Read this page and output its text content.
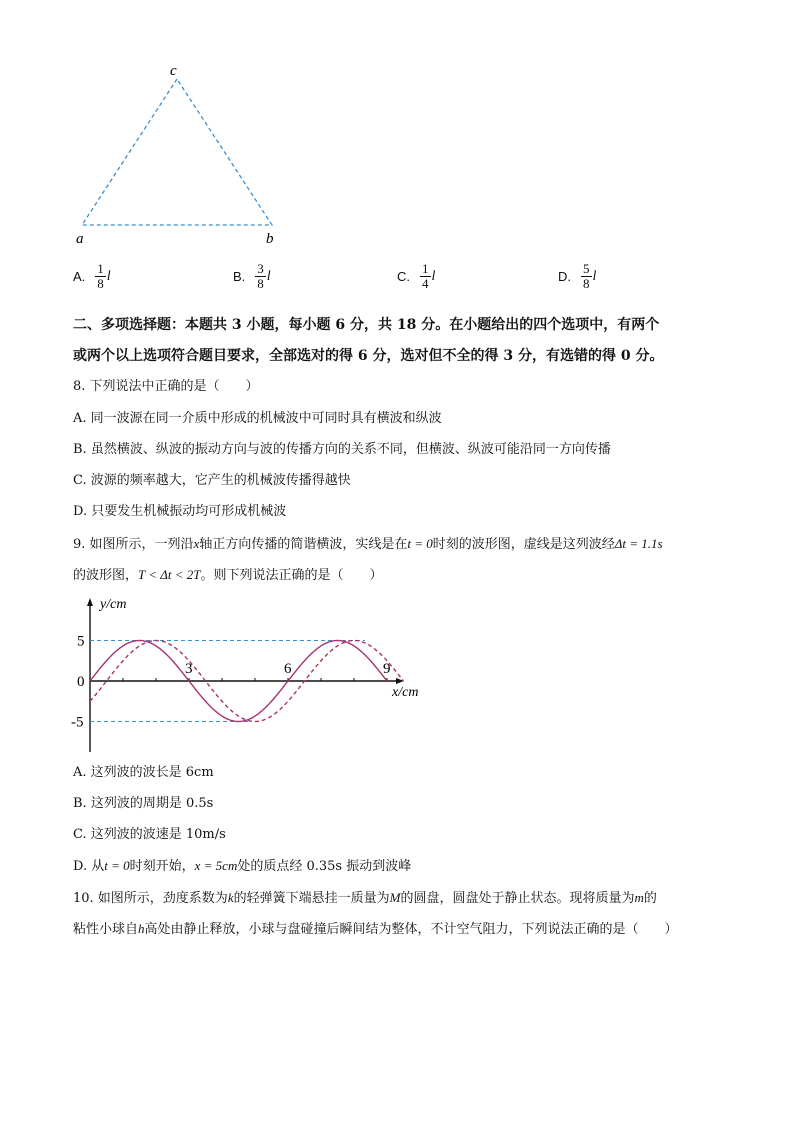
c
a	b
A. $\frac{1}{8}$ l	B. $\frac{3}{8}$ l	C. $\frac{1}{4}$ l	D. $\frac{5}{8}$ l
二、多项选择题：本题共 3 小题，每小题 6 分，共 18 分。在小题给出的四个选项中，有两个
或两个以上选项符合题目要求，全部选对的得 6 分，选对但不全的得 3 分，有选错的得 0 分。
8. 下列说法中正确的是（　　）
A. 同一波源在同一介质中形成的机械波中可同时具有横波和纵波
B. 虽然横波、纵波的振动方向与波的传播方向的关系不同，但横波、纵波可能沿同一方向传播
C. 波源的频率越大，它产生的机械波传播得越快
D. 只要发生机械振动均可形成机械波
9. 如图所示，一列沿x轴正方向传播的简谐横波，实线是在t = 0时刻的波形图，虚线是这列波经Δt = 1.1s
的波形图，T < Δt < 2T。则下列说法正确的是（　　）
3	6	9
5
0
-5
y/cm
x/cm
A. 这列波的波长是 6cm
B. 这列波的周期是 0.5s
C. 这列波的波速是 10m/s
D. 从t = 0时刻开始，x = 5cm处的质点经 0.35s 振动到波峰
10. 如图所示，劲度系数为k的轻弹簧下端悬挂一质量为M的圆盘，圆盘处于静止状态。现将质量为m的
粘性小球自h高处由静止释放，小球与盘碰撞后瞬间结为整体，不计空气阻力，下列说法正确的是（　　）
